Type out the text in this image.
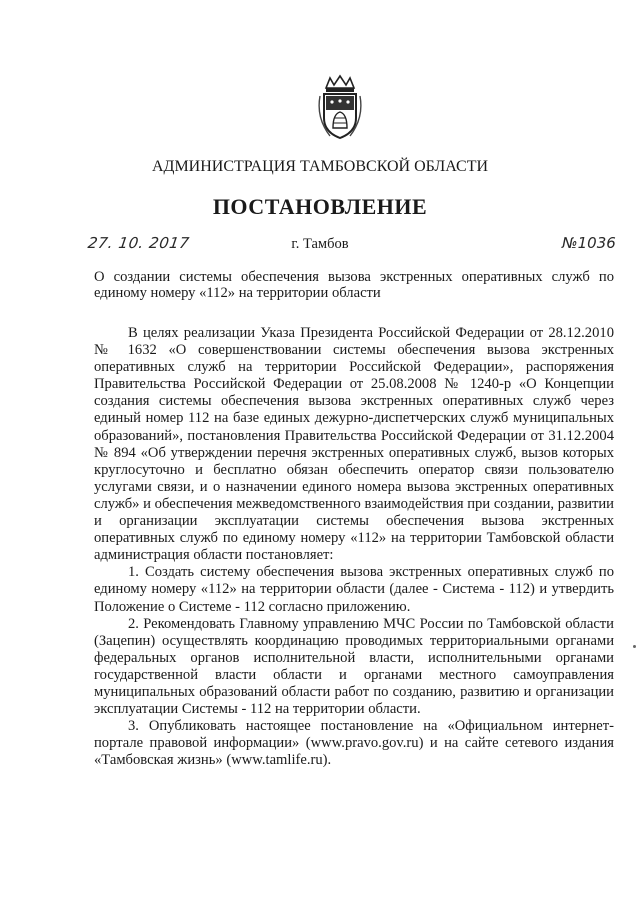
АДМИНИСТРАЦИЯ ТАМБОВСКОЙ ОБЛАСТИ
ПОСТАНОВЛЕНИЕ
27. 10. 2017	г. Тамбов	№1036
О создании системы обеспечения вызова экстренных оперативных служб по единому номеру «112» на территории области

В целях реализации Указа Президента Российской Федерации от 28.12.2010 № 1632 «О совершенствовании системы обеспечения вызова экстренных оперативных служб на территории Российской Федерации», распоряжения Правительства Российской Федерации от 25.08.2008 № 1240-р «О Концепции создания системы обеспечения вызова экстренных оперативных служб через единый номер 112 на базе единых дежурно-диспетчерских служб муниципальных образований», постановления Правительства Российской Федерации от 31.12.2004 № 894 «Об утверждении перечня экстренных оперативных служб, вызов которых круглосуточно и бесплатно обязан обеспечить оператор связи пользователю услугами связи, и о назначении единого номера вызова экстренных оперативных служб» и обеспечения межведомственного взаимодействия при создании, развитии и организации эксплуатации системы обеспечения вызова экстренных оперативных служб по единому номеру «112» на территории Тамбовской области администрация области постановляет:

1. Создать систему обеспечения вызова экстренных оперативных служб по единому номеру «112» на территории области (далее - Система - 112) и утвердить Положение о Системе - 112 согласно приложению.

2. Рекомендовать Главному управлению МЧС России по Тамбовской области (Зацепин) осуществлять координацию проводимых территориальными органами федеральных органов исполнительной власти, исполнительными органами государственной власти области и органами местного самоуправления муниципальных образований области работ по созданию, развитию и организации эксплуатации Системы - 112 на территории области.

3. Опубликовать настоящее постановление на «Официальном интернет-портале правовой информации» (www.pravo.gov.ru) и на сайте сетевого издания «Тамбовская жизнь» (www.tamlife.ru).
